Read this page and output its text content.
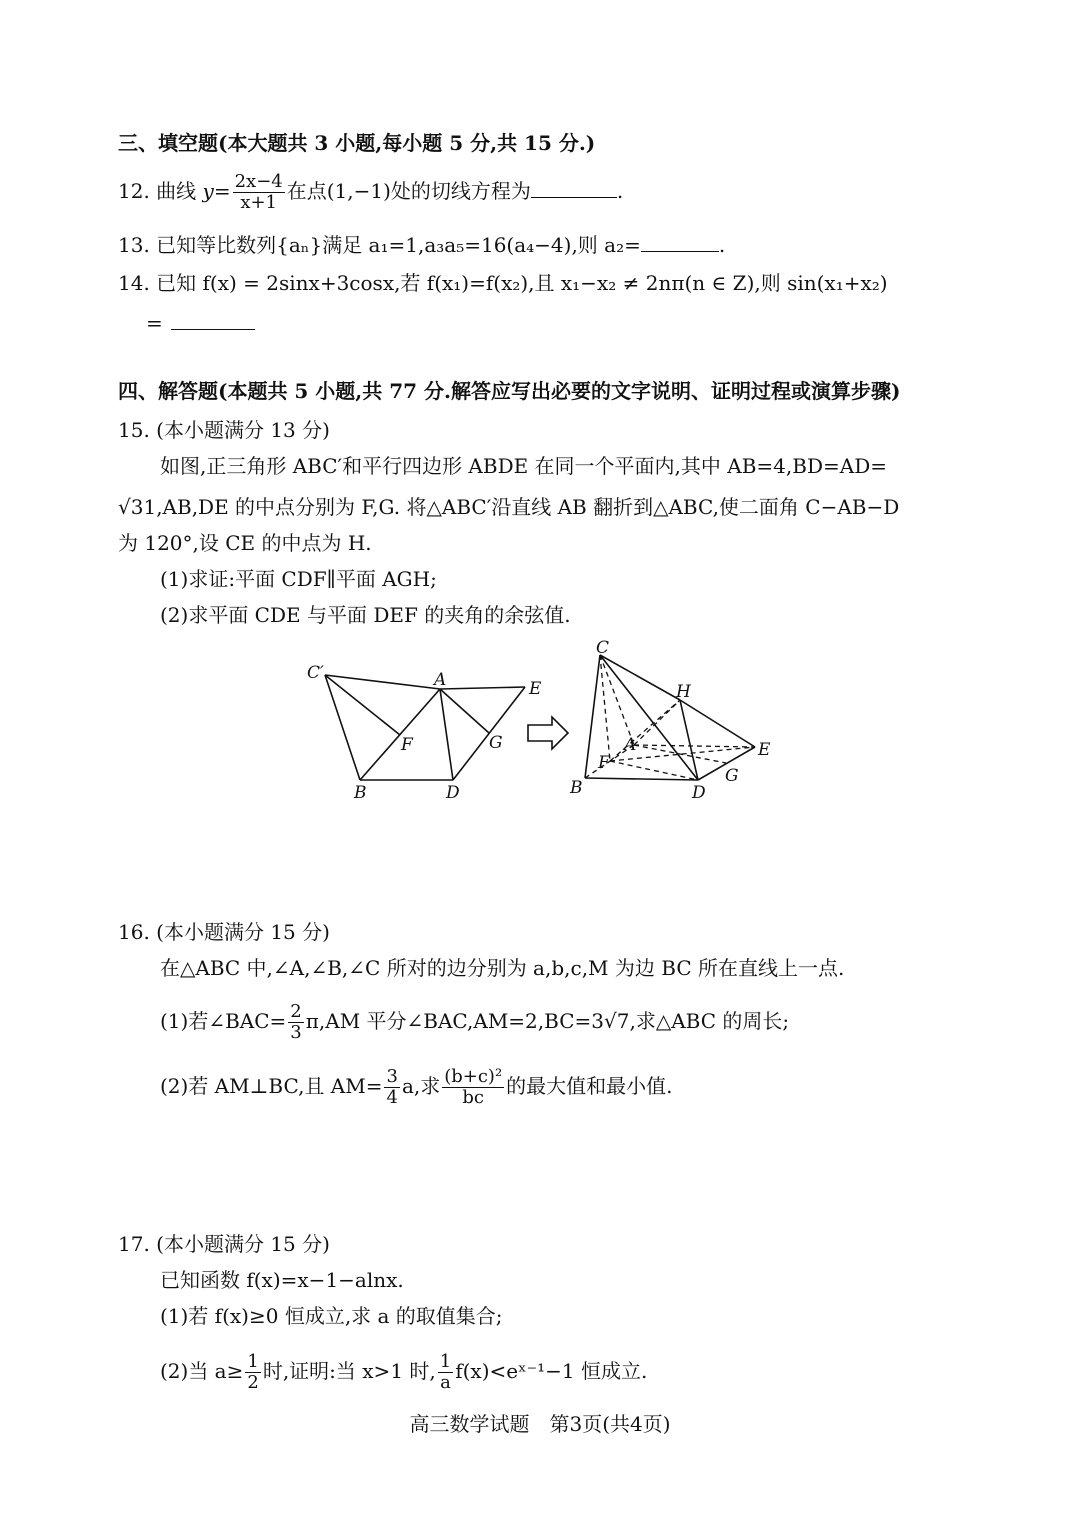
三、填空题(本大题共 3 小题,每小题 5 分,共 15 分.)
12. 曲线 $y= \frac{2x-4}{x+1}$ 在点(1,−1)处的切线方程为	.
13. 已知等比数列{aₙ}满足 a₁=1,a₃a₅=16(a₄−4),则 a₂=	.
14. 已知 f(x) = 2sinx+3cosx,若 f(x₁)=f(x₂),且 x₁−x₂ ≠ 2nπ(n ∈ Z),则 sin(x₁+x₂)
=
四、解答题(本题共 5 小题,共 77 分.解答应写出必要的文字说明、证明过程或演算步骤)
15. (本小题满分 13 分)
如图,正三角形 ABC′和平行四边形 ABDE 在同一个平面内,其中 AB=4,BD=AD=
√31,AB,DE 的中点分别为 F,G. 将△ABC′沿直线 AB 翻折到△ABC,使二面角 C−AB−D
为 120°,设 CE 的中点为 H.
(1)求证:平面 CDF∥平面 AGH;
(2)求平面 CDE 与平面 DEF 的夹角的余弦值.
C′	A	E
F	G
B	D
C
H
A	E
F
G
B	D
16. (本小题满分 15 分)
在△ABC 中,∠A,∠B,∠C 所对的边分别为 a,b,c,M 为边 BC 所在直线上一点.
(1)若∠BAC= $\frac{2}{3} \pi,AM$ 平分∠BAC,AM=2,BC=3√7,求△ABC 的周长;
(2)若 AM⊥BC,且 $AM= \frac{3}{4} a$,求 $\frac{\text{(b+c)²}}{bc}$ 的最大值和最小值.
17. (本小题满分 15 分)
已知函数 f(x)=x−1−alnx.
(1)若 f(x)≥0 恒成立,求 a 的取值集合;
(2)当 $a\ge \frac{1}{2}$ 时,证明:当 x>1 时, $\frac{1}{a}$ f(x)<eˣ⁻¹−1 恒成立.
高三数学试题　第3页(共4页)
